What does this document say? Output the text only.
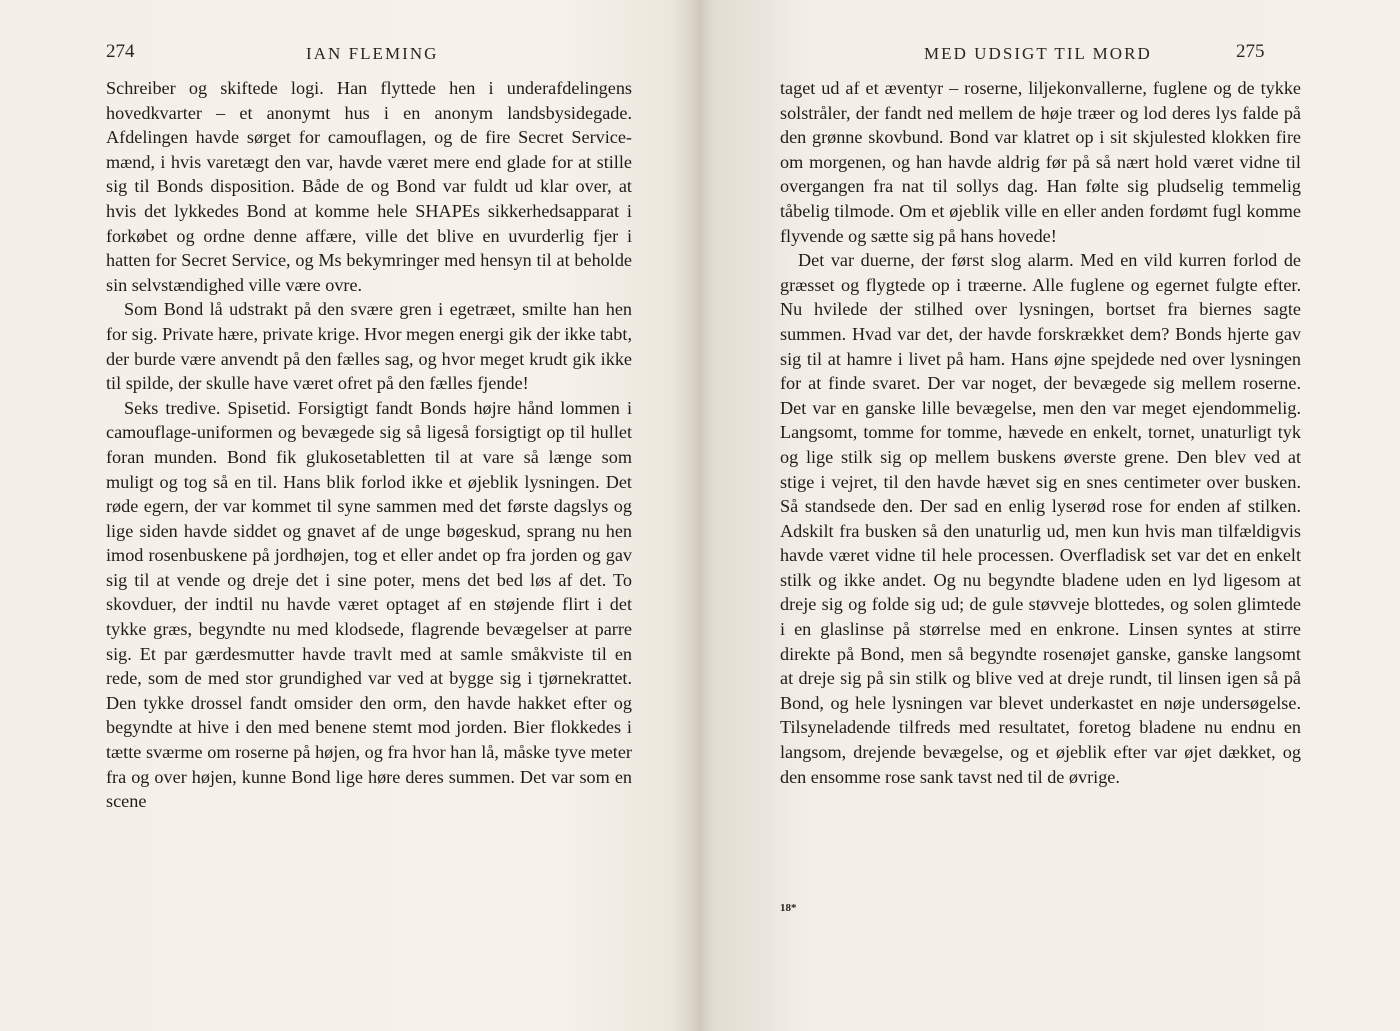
274	IAN FLEMING

Schreiber og skiftede logi. Han flyttede hen i underafdelingens hovedkvarter – et anonymt hus i en anonym landsbysidegade. Afdelingen havde sørget for camouflagen, og de fire Secret Service-mænd, i hvis varetægt den var, havde været mere end glade for at stille sig til Bonds disposition. Både de og Bond var fuldt ud klar over, at hvis det lykkedes Bond at komme hele SHAPEs sikkerhedsapparat i forkøbet og ordne denne affære, ville det blive en uvurderlig fjer i hatten for Secret Service, og Ms bekymringer med hensyn til at beholde sin selvstændighed ville være ovre.

Som Bond lå udstrakt på den svære gren i egetræet, smilte han hen for sig. Private hære, private krige. Hvor megen energi gik der ikke tabt, der burde være anvendt på den fælles sag, og hvor meget krudt gik ikke til spilde, der skulle have været ofret på den fælles fjende!

Seks tredive. Spisetid. Forsigtigt fandt Bonds højre hånd lommen i camouflage-uniformen og bevægede sig så ligeså forsigtigt op til hullet foran munden. Bond fik glukosetabletten til at vare så længe som muligt og tog så en til. Hans blik forlod ikke et øjeblik lysningen. Det røde egern, der var kommet til syne sammen med det første dagslys og lige siden havde siddet og gnavet af de unge bøgeskud, sprang nu hen imod rosenbuskene på jordhøjen, tog et eller andet op fra jorden og gav sig til at vende og dreje det i sine poter, mens det bed løs af det. To skovduer, der indtil nu havde været optaget af en støjende flirt i det tykke græs, begyndte nu med klodsede, flagrende bevægelser at parre sig. Et par gærdesmutter havde travlt med at samle småkviste til en rede, som de med stor grundighed var ved at bygge sig i tjørnekrattet. Den tykke drossel fandt omsider den orm, den havde hakket efter og begyndte at hive i den med benene stemt mod jorden. Bier flokkedes i tætte sværme om roserne på højen, og fra hvor han lå, måske tyve meter fra og over højen, kunne Bond lige høre deres summen. Det var som en scene

MED UDSIGT TIL MORD	275

taget ud af et æventyr – roserne, liljekonvallerne, fuglene og de tykke solstråler, der fandt ned mellem de høje træer og lod deres lys falde på den grønne skovbund. Bond var klatret op i sit skjulested klokken fire om morgenen, og han havde aldrig før på så nært hold været vidne til overgangen fra nat til sollys dag. Han følte sig pludselig temmelig tåbelig tilmode. Om et øjeblik ville en eller anden fordømt fugl komme flyvende og sætte sig på hans hovede!

Det var duerne, der først slog alarm. Med en vild kurren forlod de græsset og flygtede op i træerne. Alle fuglene og egernet fulgte efter. Nu hvilede der stilhed over lysningen, bortset fra biernes sagte summen. Hvad var det, der havde forskrækket dem? Bonds hjerte gav sig til at hamre i livet på ham. Hans øjne spejdede ned over lysningen for at finde svaret. Der var noget, der bevægede sig mellem roserne. Det var en ganske lille bevægelse, men den var meget ejendommelig. Langsomt, tomme for tomme, hævede en enkelt, tornet, unaturligt tyk og lige stilk sig op mellem buskens øverste grene. Den blev ved at stige i vejret, til den havde hævet sig en snes centimeter over busken. Så standsede den. Der sad en enlig lyserød rose for enden af stilken. Adskilt fra busken så den unaturlig ud, men kun hvis man tilfældigvis havde været vidne til hele processen. Overfladisk set var det en enkelt stilk og ikke andet. Og nu begyndte bladene uden en lyd ligesom at dreje sig og folde sig ud; de gule støvveje blottedes, og solen glimtede i en glaslinse på størrelse med en enkrone. Linsen syntes at stirre direkte på Bond, men så begyndte rosenøjet ganske, ganske langsomt at dreje sig på sin stilk og blive ved at dreje rundt, til linsen igen så på Bond, og hele lysningen var blevet underkastet en nøje undersøgelse. Tilsyneladende tilfreds med resultatet, foretog bladene nu endnu en langsom, drejende bevægelse, og et øjeblik efter var øjet dækket, og den ensomme rose sank tavst ned til de øvrige.

18*
